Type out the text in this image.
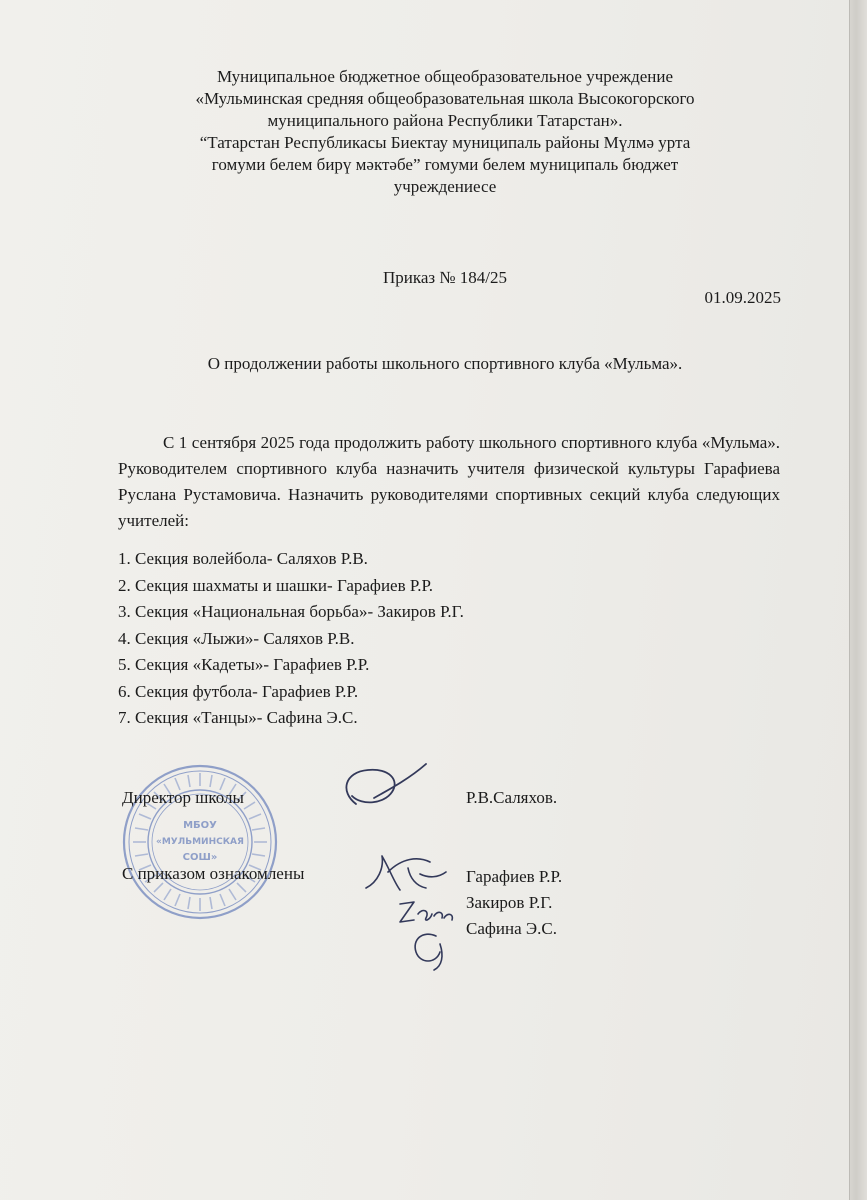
Муниципальное бюджетное общеобразовательное учреждение
«Мульминская средняя общеобразовательная школа Высокогорского
муниципального района Республики Татарстан».
“Татарстан Республикасы Биектау муниципаль районы Мүлмә урта
гомуми белем бирү мәктәбе” гомуми белем муниципаль бюджет
учреждениесе
Приказ № 184/25
01.09.2025
О продолжении работы школьного спортивного клуба «Мульма».
С 1 сентября 2025 года продолжить работу школьного спортивного клуба «Мульма». Руководителем спортивного клуба назначить учителя физической культуры Гарафиева Руслана Рустамовича. Назначить руководителями спортивных секций клуба следующих учителей:
1. Секция волейбола- Саляхов Р.В.
2. Секция шахматы и шашки- Гарафиев Р.Р.
3. Секция «Национальная борьба»- Закиров Р.Г.
4. Секция «Лыжи»- Саляхов Р.В.
5. Секция «Кадеты»- Гарафиев Р.Р.
6. Секция футбола- Гарафиев Р.Р.
7. Секция «Танцы»- Сафина Э.С.
МБОУ
«МУЛЬМИНСКАЯ
СОШ»
Директор школы	Р.В.Саляхов.
С приказом ознакомлены	Гарафиев Р.Р.
Закиров Р.Г.
Сафина Э.С.
